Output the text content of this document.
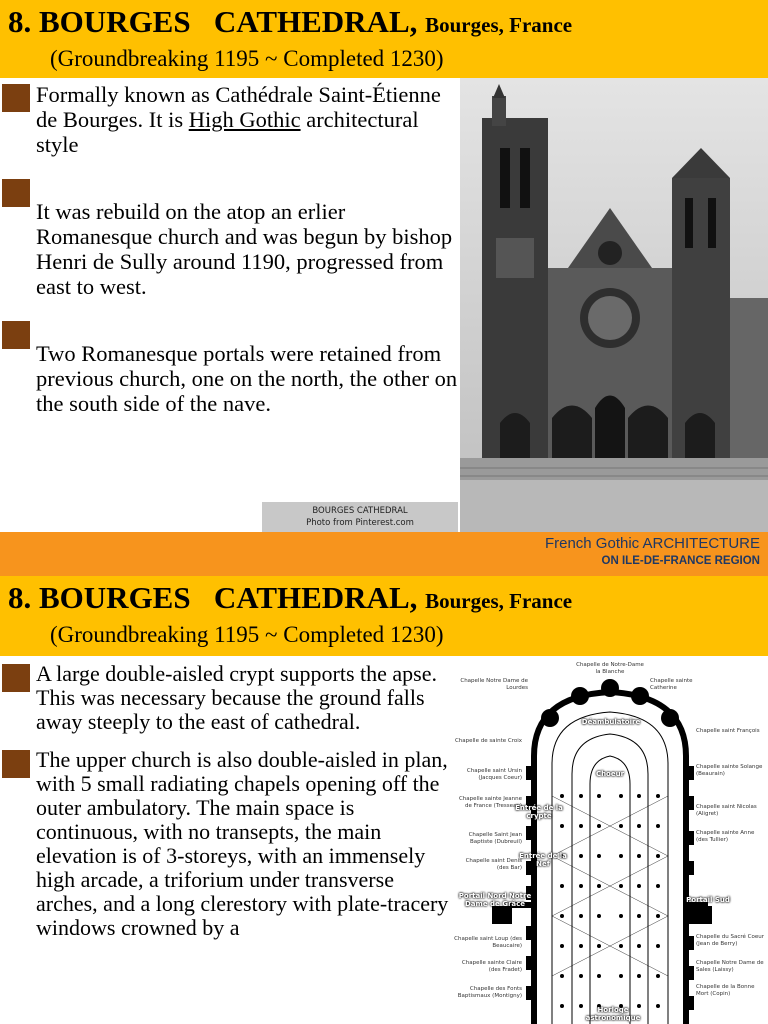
8. BOURGES   CATHEDRAL, Bourges, France
(Groundbreaking 1195 ~ Completed 1230)
Formally known as Cathédrale Saint-Étienne de Bourges. It is High Gothic architectural style
It was rebuild on the atop an erlier Romanesque church and was begun by bishop Henri de Sully around 1190, progressed from east to west.
Two Romanesque portals were retained from previous church, one on the north, the other on the south side of the nave.
BOURGES CATHEDRAL
Photo from Pinterest.com
French Gothic ARCHITECTURE
ON ILE-DE-FRANCE REGION
8. BOURGES   CATHEDRAL, Bourges, France
(Groundbreaking 1195 ~ Completed 1230)
A large double-aisled crypt supports the apse. This was necessary because the ground falls away steeply to the east of cathedral.
The upper church is also double-aisled in plan, with 5 small radiating chapels opening off the outer ambulatory. The main space is continuous, with no transepts, the main elevation is of 3-storeys, with an immensely high arcade, a triforium under transverse arches, and a long clerestory with plate-tracery windows crowned by a
Chapelle de Notre-Dame la Blanche
Chapelle Notre Dame de Lourdes
Chapelle de sainte Croix
Chapelle saint Ursin (Jacques Coeur)
Chapelle sainte Jeanne de France (Tresseau)
Chapelle Saint Jean Baptiste (Dubreuil)
Chapelle saint Denis (des Bar)
Chapelle saint Loup (des Beaucaire)
Chapelle sainte Claire (des Fradet)
Chapelle des Fonts Baptismaux (Montigny)
Chapelle sainte Catherine
Chapelle saint François
Chapelle sainte Solange (Beaurain)
Chapelle saint Nicolas (Aligret)
Chapelle sainte Anne (des Tullier)
Chapelle du Sacré Coeur (Jean de Berry)
Chapelle Notre Dame de Sales (Laissy)
Chapelle de la Bonne Mort (Copin)
Déambulatoire
Choeur
Entrée de la crypte
Entrée de la Nef
Portail Nord Notre Dame de Grâce	Portail Sud
Horloge astronomique
